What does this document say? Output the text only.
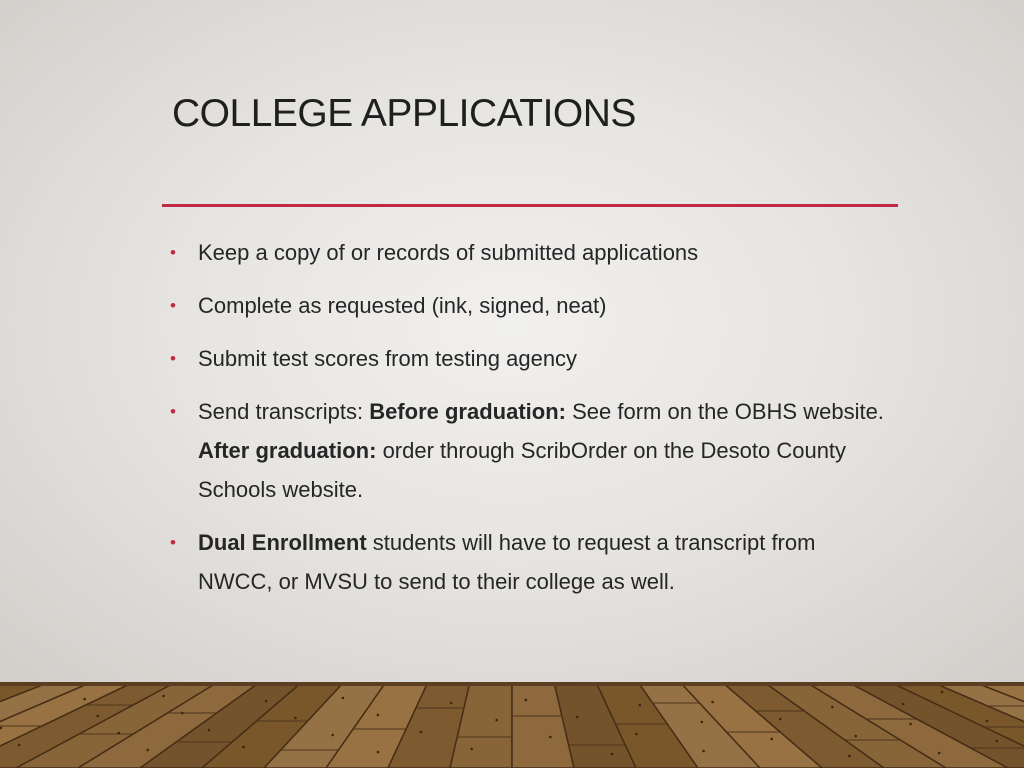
COLLEGE APPLICATIONS
• Keep a copy of or records of submitted applications
• Complete as requested (ink, signed, neat)
• Submit test scores from testing agency
• Send transcripts: Before graduation: See form on the OBHS website. After graduation: order through ScribOrder on the Desoto County Schools website.
• Dual Enrollment students will have to request a transcript from NWCC, or MVSU to send to their college as well.
